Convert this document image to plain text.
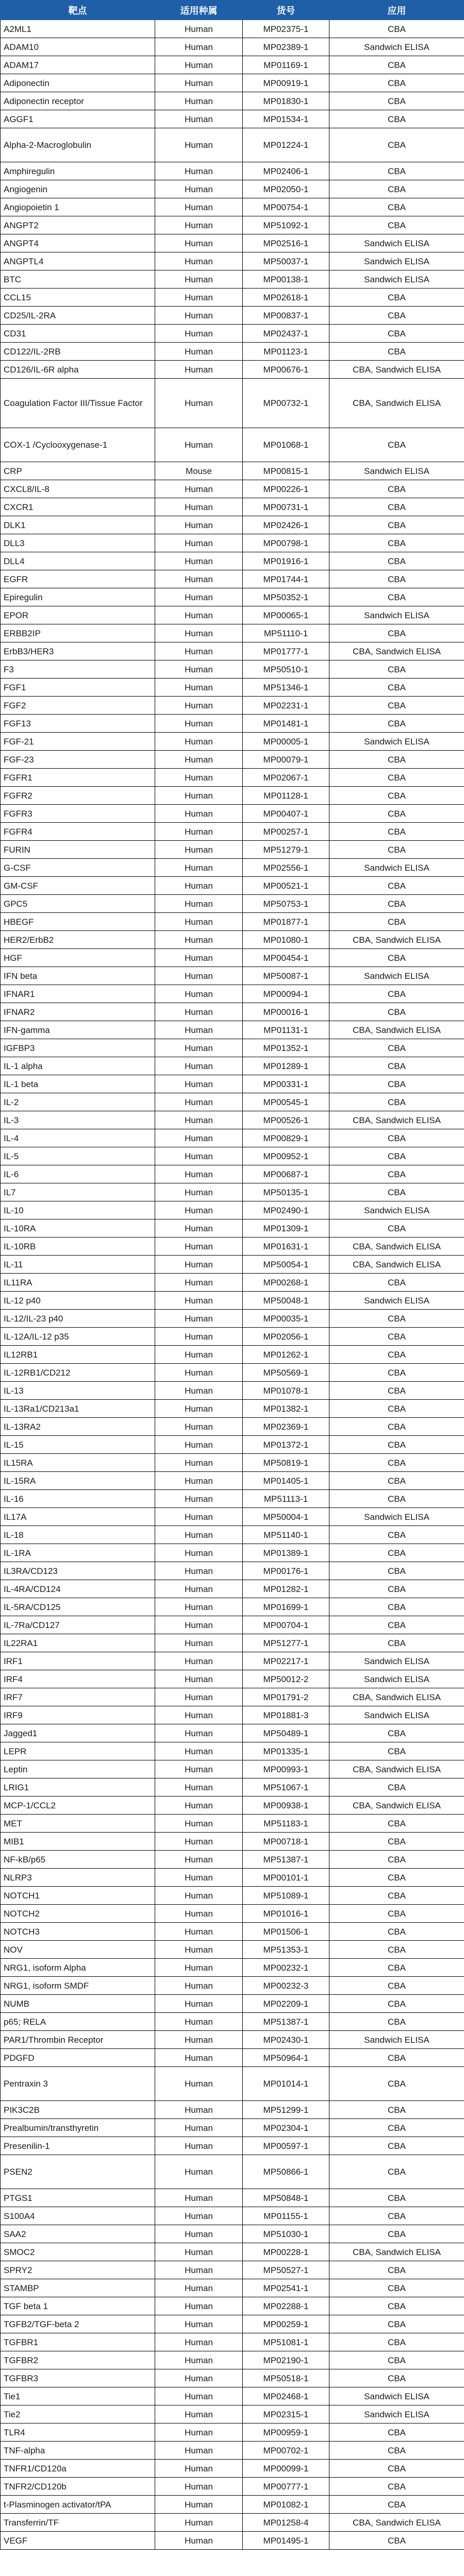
靶点	适用种属	货号	应用
A2ML1	Human	MP02375-1	CBA
ADAM10	Human	MP02389-1	Sandwich ELISA
ADAM17	Human	MP01169-1	CBA
Adiponectin	Human	MP00919-1	CBA
Adiponectin receptor	Human	MP01830-1	CBA
AGGF1	Human	MP01534-1	CBA
Alpha-2-Macroglobulin	Human	MP01224-1	CBA
Amphiregulin	Human	MP02406-1	CBA
Angiogenin	Human	MP02050-1	CBA
Angiopoietin 1	Human	MP00754-1	CBA
ANGPT2	Human	MP51092-1	CBA
ANGPT4	Human	MP02516-1	Sandwich ELISA
ANGPTL4	Human	MP50037-1	Sandwich ELISA
BTC	Human	MP00138-1	Sandwich ELISA
CCL15	Human	MP02618-1	CBA
CD25/IL-2RA	Human	MP00837-1	CBA
CD31	Human	MP02437-1	CBA
CD122/IL-2RB	Human	MP01123-1	CBA
CD126/IL-6R alpha	Human	MP00676-1	CBA, Sandwich ELISA
Coagulation Factor III/Tissue Factor	Human	MP00732-1	CBA, Sandwich ELISA
COX-1 /Cyclooxygenase-1	Human	MP01068-1	CBA
CRP	Mouse	MP00815-1	Sandwich ELISA
CXCL8/IL-8	Human	MP00226-1	CBA
CXCR1	Human	MP00731-1	CBA
DLK1	Human	MP02426-1	CBA
DLL3	Human	MP00798-1	CBA
DLL4	Human	MP01916-1	CBA
EGFR	Human	MP01744-1	CBA
Epiregulin	Human	MP50352-1	CBA
EPOR	Human	MP00065-1	Sandwich ELISA
ERBB2IP	Human	MP51110-1	CBA
ErbB3/HER3	Human	MP01777-1	CBA, Sandwich ELISA
F3	Human	MP50510-1	CBA
FGF1	Human	MP51346-1	CBA
FGF2	Human	MP02231-1	CBA
FGF13	Human	MP01481-1	CBA
FGF-21	Human	MP00005-1	Sandwich ELISA
FGF-23	Human	MP00079-1	CBA
FGFR1	Human	MP02067-1	CBA
FGFR2	Human	MP01128-1	CBA
FGFR3	Human	MP00407-1	CBA
FGFR4	Human	MP00257-1	CBA
FURIN	Human	MP51279-1	CBA
G-CSF	Human	MP02556-1	Sandwich ELISA
GM-CSF	Human	MP00521-1	CBA
GPC5	Human	MP50753-1	CBA
HBEGF	Human	MP01877-1	CBA
HER2/ErbB2	Human	MP01080-1	CBA, Sandwich ELISA
HGF	Human	MP00454-1	CBA
IFN beta	Human	MP50087-1	Sandwich ELISA
IFNAR1	Human	MP00094-1	CBA
IFNAR2	Human	MP00016-1	CBA
IFN-gamma	Human	MP01131-1	CBA, Sandwich ELISA
IGFBP3	Human	MP01352-1	CBA
IL-1 alpha	Human	MP01289-1	CBA
IL-1 beta	Human	MP00331-1	CBA
IL-2	Human	MP00545-1	CBA
IL-3	Human	MP00526-1	CBA, Sandwich ELISA
IL-4	Human	MP00829-1	CBA
IL-5	Human	MP00952-1	CBA
IL-6	Human	MP00687-1	CBA
IL7	Human	MP50135-1	CBA
IL-10	Human	MP02490-1	Sandwich ELISA
IL-10RA	Human	MP01309-1	CBA
IL-10RB	Human	MP01631-1	CBA, Sandwich ELISA
IL-11	Human	MP50054-1	CBA, Sandwich ELISA
IL11RA	Human	MP00268-1	CBA
IL-12 p40	Human	MP50048-1	Sandwich ELISA
IL-12/IL-23 p40	Human	MP00035-1	CBA
IL-12A/IL-12 p35	Human	MP02056-1	CBA
IL12RB1	Human	MP01262-1	CBA
IL-12RB1/CD212	Human	MP50569-1	CBA
IL-13	Human	MP01078-1	CBA
IL-13Ra1/CD213a1	Human	MP01382-1	CBA
IL-13RA2	Human	MP02369-1	CBA
IL-15	Human	MP01372-1	CBA
IL15RA	Human	MP50819-1	CBA
IL-15RA	Human	MP01405-1	CBA
IL-16	Human	MP51113-1	CBA
IL17A	Human	MP50004-1	Sandwich ELISA
IL-18	Human	MP51140-1	CBA
IL-1RA	Human	MP01389-1	CBA
IL3RA/CD123	Human	MP00176-1	CBA
IL-4RA/CD124	Human	MP01282-1	CBA
IL-5RA/CD125	Human	MP01699-1	CBA
IL-7Ra/CD127	Human	MP00704-1	CBA
IL22RA1	Human	MP51277-1	CBA
IRF1	Human	MP02217-1	Sandwich ELISA
IRF4	Human	MP50012-2	Sandwich ELISA
IRF7	Human	MP01791-2	CBA, Sandwich ELISA
IRF9	Human	MP01881-3	Sandwich ELISA
Jagged1	Human	MP50489-1	CBA
LEPR	Human	MP01335-1	CBA
Leptin	Human	MP00993-1	CBA, Sandwich ELISA
LRIG1	Human	MP51067-1	CBA
MCP-1/CCL2	Human	MP00938-1	CBA, Sandwich ELISA
MET	Human	MP51183-1	CBA
MIB1	Human	MP00718-1	CBA
NF-kB/p65	Human	MP51387-1	CBA
NLRP3	Human	MP00101-1	CBA
NOTCH1	Human	MP51089-1	CBA
NOTCH2	Human	MP01016-1	CBA
NOTCH3	Human	MP01506-1	CBA
NOV	Human	MP51353-1	CBA
NRG1, isoform Alpha	Human	MP00232-1	CBA
NRG1, isoform SMDF	Human	MP00232-3	CBA
NUMB	Human	MP02209-1	CBA
p65; RELA	Human	MP51387-1	CBA
PAR1/Thrombin Receptor	Human	MP02430-1	Sandwich ELISA
PDGFD	Human	MP50964-1	CBA
Pentraxin 3	Human	MP01014-1	CBA
PIK3C2B	Human	MP51299-1	CBA
Prealbumin/transthyretin	Human	MP02304-1	CBA
Presenilin-1	Human	MP00597-1	CBA
PSEN2	Human	MP50866-1	CBA
PTGS1	Human	MP50848-1	CBA
S100A4	Human	MP01155-1	CBA
SAA2	Human	MP51030-1	CBA
SMOC2	Human	MP00228-1	CBA, Sandwich ELISA
SPRY2	Human	MP50527-1	CBA
STAMBP	Human	MP02541-1	CBA
TGF beta 1	Human	MP02288-1	CBA
TGFB2/TGF-beta 2	Human	MP00259-1	CBA
TGFBR1	Human	MP51081-1	CBA
TGFBR2	Human	MP02190-1	CBA
TGFBR3	Human	MP50518-1	CBA
Tie1	Human	MP02468-1	Sandwich ELISA
Tie2	Human	MP02315-1	Sandwich ELISA
TLR4	Human	MP00959-1	CBA
TNF-alpha	Human	MP00702-1	CBA
TNFR1/CD120a	Human	MP00099-1	CBA
TNFR2/CD120b	Human	MP00777-1	CBA
t-Plasminogen activator/tPA	Human	MP01082-1	CBA
Transferrin/TF	Human	MP01258-4	CBA, Sandwich ELISA
VEGF	Human	MP01495-1	CBA
